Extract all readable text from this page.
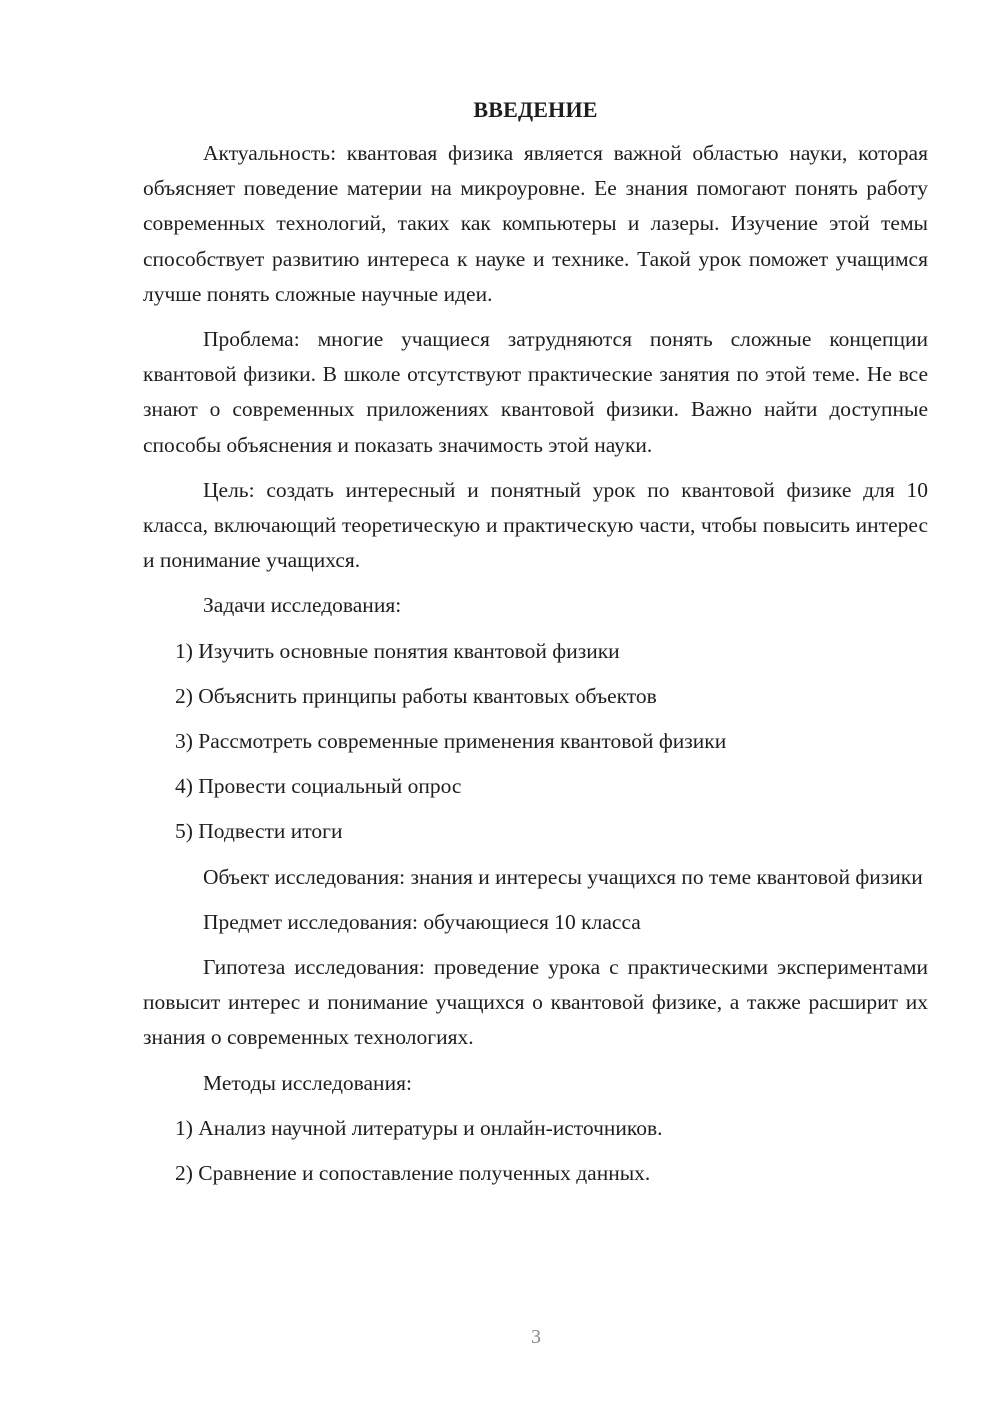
ВВЕДЕНИЕ

Актуальность: квантовая физика является важной областью науки, которая объясняет поведение материи на микроуровне. Ее знания помогают понять работу современных технологий, таких как компьютеры и лазеры. Изучение этой темы способствует развитию интереса к науке и технике. Такой урок поможет учащимся лучше понять сложные научные идеи.

Проблема: многие учащиеся затрудняются понять сложные концепции квантовой физики. В школе отсутствуют практические занятия по этой теме. Не все знают о современных приложениях квантовой физики. Важно найти доступные способы объяснения и показать значимость этой науки.

Цель: создать интересный и понятный урок по квантовой физике для 10 класса, включающий теоретическую и практическую части, чтобы повысить интерес и понимание учащихся.

Задачи исследования:

1) Изучить основные понятия квантовой физики

2) Объяснить принципы работы квантовых объектов

3) Рассмотреть современные применения квантовой физики

4) Провести социальный опрос

5) Подвести итоги

Объект исследования: знания и интересы учащихся по теме квантовой физики

Предмет исследования: обучающиеся 10 класса

Гипотеза исследования: проведение урока с практическими экспериментами повысит интерес и понимание учащихся о квантовой физике, а также расширит их знания о современных технологиях.

Методы исследования:

1) Анализ научной литературы и онлайн-источников.

2) Сравнение и сопоставление полученных данных.

3
